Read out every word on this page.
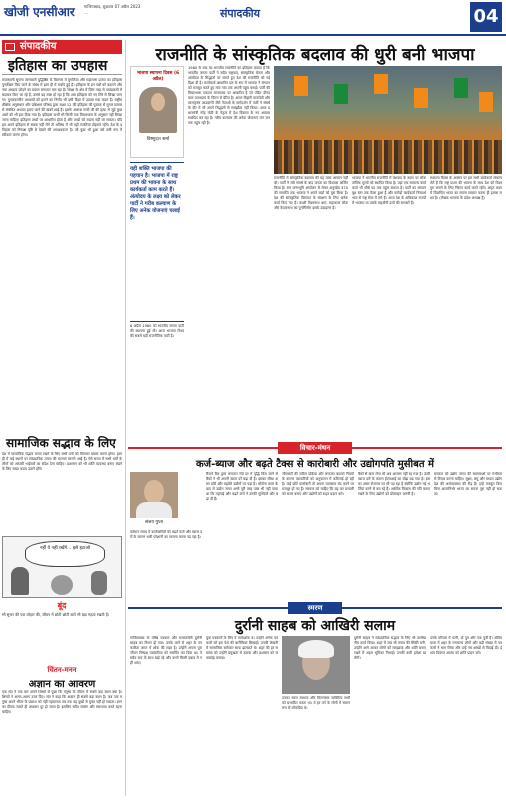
खोजी एनसीआर गाजियाबाद, शुक्रवार 07 अप्रैल 2023
...	संपादकीय	04
संपादकीय
इतिहास का उपहास
राजस्थानी सूचना जानकारी युद्धिष्ठिर के बिल्लार में मुगलिया और महाराणा प्रताप का इतिहास पुनर्लेखन किए जाने के संबंध में हाल ही में चर्चाएं हुई हैं। इतिहास के इन पन्नों को बदलने और नया अध्याय जोड़ने का प्रयास लगातार चल रहा है। शिक्षा के क्षेत्र में जिस तरह से पाठ्यक्रमों में बदलाव किए जा रहे हैं, उससे यह स्पष्ट हो रहा है कि अब इतिहास को नए सिरे से लिखा जाएगा। मुगलकालीन अध्यायों को हटाने का निर्णय भी इसी दिशा में उठाया गया कदम है। राष्ट्रीय शैक्षिक अनुसंधान और प्रशिक्षण परिषद द्वारा कक्षा 12 की इतिहास की पुस्तक से मुगल दरबार से संबंधित अध्याय हटाए जाने की खबरें आई हैं। इसके अलावा गांधी जी की हत्या से जुड़े कुछ अंशों को भी हटा दिया गया है। इतिहास कभी भी किसी एक विचारधारा के अनुसार नहीं लिखा जाना चाहिए। इतिहास तथ्यों पर आधारित होता है और तथ्यों को बदला नहीं जा सकता। यदि हम अपने इतिहास से सबक नहीं लेंगे तो भविष्य में भी वही गलतियां दोहराते रहेंगे। देश के इतिहास को निष्पक्ष दृष्टि से देखने की आवश्यकता है। जो कुछ भी हुआ उसे उसी रूप में स्वीकार करना होगा।
सामाजिक सद्भाव के लिए
देश में सामाजिक सद्भाव बनाए रखने के लिए सभी वर्गों को मिलकर प्रयास करना होगा। हाल ही में कई स्थानों पर सांप्रदायिक तनाव की घटनाएं सामने आई हैं। ऐसे समय में सभी धर्मों के लोगों को आपसी भाईचारे का संदेश देना चाहिए। प्रशासन को भी शांति व्यवस्था बनाए रखने के लिए सख्त कदम उठाने होंगे।
नहीं ये नहीं रखेंगे... इसे हटाओ
बूंद
सौ सुनार की एक लोहार की, जीवन में छोटी छोटी बातें भी बड़ा महत्व रखती हैं।
चिंतन-मनन
अज्ञान का आवरण
एक संत ने एक बार अपने शिष्यों से पूछा कि मनुष्य के जीवन में सबसे बड़ा बंधन क्या है। शिष्यों ने अलग-अलग उत्तर दिए। संत ने कहा कि अज्ञान ही सबसे बड़ा बंधन है। जब तक मनुष्य अपने भीतर के प्रकाश को नहीं पहचानता तब तक वह दुखों से मुक्त नहीं हो सकता। ज्ञान का दीपक जलते ही अंधकार दूर हो जाता है। इसलिए सदैव सत्संग और स्वाध्याय करते रहना चाहिए।
राजनीति के सांस्कृतिक बदलाव की धुरी बनी भाजपा
भाजपा स्थापना दिवस (6 अप्रैल)
विष्णुदत्त शर्मा
यही शक्ति भाजपा की पहचान है। भाजपा में राष्ट्र प्रथम की भावना के साथ कार्यकर्ता काम करते हैं। अंत्योदय के लक्ष्य को लेकर पार्टी ने गरीब कल्याण के लिए अनेक योजनाएं चलाई हैं।
6 अप्रैल 1980 को भारतीय जनता पार्टी की स्थापना हुई थी। आज भाजपा विश्व की सबसे बड़ी राजनीतिक पार्टी है।
1980 के बाद का भारतीय राजनीति का इतिहास बताता है कि भारतीय जनता पार्टी ने सदैव राष्ट्रवाद, सांस्कृतिक चेतना और अंत्योदय के सिद्धांतों पर चलते हुए देश की राजनीति को नई दिशा दी है। कार्यकर्ता आधारित दल के रूप में भाजपा ने संगठन को मजबूत करते हुए गांव गांव तक अपनी पहुंच बनाई। पार्टी की विचारधारा एकात्म मानववाद पर आधारित है जो पंडित दीनदयाल उपाध्याय के चिंतन से प्रेरित है। अटल बिहारी वाजपेयी और लालकृष्ण आडवाणी जैसे नेताओं के मार्गदर्शन में पार्टी ने संघर्ष के दौर में भी अपने सिद्धांतों से समझौता नहीं किया। आज प्रधानमंत्री नरेंद्र मोदी के नेतृत्व में देश विकास के नए आयाम स्थापित कर रहा है। गरीब कल्याण की अनेक योजनाएं जन जन तक पहुंच रही हैं।
राजनीति में सांस्कृतिक बदलाव की यह यात्रा आसान नहीं थी। पार्टी ने लंबे संघर्ष के बाद जनता का विश्वास अर्जित किया है। राम जन्मभूमि आंदोलन से लेकर अनुच्छेद 370 की समाप्ति तक भाजपा ने अपने वादों को पूरा किया है। देश की सांस्कृतिक विरासत के संरक्षण के लिए अनेक कार्य किए गए हैं। काशी विश्वनाथ धाम, महाकाल लोक और केदारनाथ का पुनर्निर्माण इसके उदाहरण हैं।
भाजपा ने भारतीय राजनीति में वंशवाद के स्थान पर लोकतांत्रिक मूल्यों को स्थापित किया है। यहां एक सामान्य कार्यकर्ता भी शीर्ष पद तक पहुंच सकता है। पार्टी का संगठन बूथ स्तर तक फैला हुआ है और करोड़ों कार्यकर्ता निस्वार्थ भाव से राष्ट्र सेवा में लगे हैं। आज देश के अधिकांश राज्यों में भाजपा या उसके सहयोगी दलों की सरकारें हैं।
स्थापना दिवस के अवसर पर हम सभी कार्यकर्ता संकल्प लेते हैं कि राष्ट्र प्रथम की भावना के साथ देश को विश्व गुरु बनाने के लिए निरंतर कार्य करते रहेंगे। अमृत काल में विकसित भारत का सपना साकार करना ही हमारा लक्ष्य है। (लेखक भाजपा के प्रदेश अध्यक्ष हैं)
विचार-मंथन
कर्ज-ब्याज और बढ़ते टैक्स से कारोबारी और उद्योगपति मुसीबत में
संजय गुप्ता
वर्तमान समय में कारोबारियों को बढ़ते कर्ज और ब्याज दरों के कारण भारी परेशानी का सामना करना पड़ रहा है।
रिजर्व बैंक द्वारा लगातार रेपो दर में वृद्धि किए जाने से बैंकों ने भी अपनी ब्याज दरें बढ़ा दी हैं। इसका सीधा असर छोटे और मझोले उद्योगों पर पड़ा है। कोरोना काल के बाद से उद्योग जगत अभी पूरी तरह उबर भी नहीं पाया था कि महंगाई और बढ़ते करों ने उनकी मुश्किलें और बढ़ा दी हैं।
जीएसटी की जटिल प्रक्रिया और लगातार बदलते नियमों के कारण व्यापारियों को अनुपालन में कठिनाई हो रही है। कई छोटे कारोबारी तो अपना व्यवसाय बंद करने पर मजबूर हो गए हैं। सरकार को चाहिए कि वह कर प्रणाली को सरल बनाए और उद्योगों को राहत प्रदान करे।
बैंकों से ऋण लेना भी अब आसान नहीं रह गया है। ऊंची ब्याज दरों के कारण ईएमआई का बोझ बढ़ गया है। इसका असर रोजगार पर भी पड़ रहा है क्योंकि उद्योग नई भर्तियां करने से बच रहे हैं। आर्थिक विकास की गति बनाए रखने के लिए उद्योगों को प्रोत्साहन जरूरी है।
सरकार को उद्योग जगत की समस्याओं पर गंभीरता से विचार करना चाहिए। सूक्ष्म, लघु और मध्यम उद्योग देश की अर्थव्यवस्था की रीढ़ हैं। इन्हें मजबूत किए बिना आत्मनिर्भर भारत का सपना पूरा नहीं हो सकता।
स्मरण
दुर्रानी साहब को आखिरी सलाम
गाजियाबाद के वरिष्ठ पत्रकार और समाजसेवी दुर्रानी साहब का निधन हो गया। उनके जाने से शहर के पत्रकारिता जगत में शोक की लहर है। उन्होंने अपना पूरा जीवन निष्पक्ष पत्रकारिता को समर्पित कर दिया था। वे सदैव सच के साथ खड़े रहे और कभी किसी दबाव में नहीं आए।
युवा पत्रकारों के लिए वे मार्गदर्शक थे। उन्होंने अनेक पत्रकारों को इस पेशे की बारीकियां सिखाईं। उनकी लेखनी में सामाजिक सरोकार साफ झलकते थे। शहर की हर समस्या को उन्होंने प्रमुखता से उठाया और प्रशासन को जवाबदेह बनाया।
उनका सरल स्वभाव और मिलनसार व्यक्तित्व सभी को प्रभावित करता था। वे हर वर्ग के लोगों में समान रूप से लोकप्रिय थे।
दुर्रानी साहब ने सांप्रदायिक सद्भाव के लिए भी उल्लेखनीय कार्य किया। शहर में जब भी तनाव की स्थिति बनी, उन्होंने आगे आकर लोगों को समझाया और शांति बनाए रखने में अहम भूमिका निभाई। उनकी कमी हमेशा खलेगी।
उनके परिवार में पत्नी, दो पुत्र और एक पुत्री हैं। अंतिम यात्रा में शहर के गणमान्य लोगों और बड़ी संख्या में पत्रकारों ने भाग लिया और उन्हें नम आंखों से विदाई दी। ईश्वर दिवंगत आत्मा को शांति प्रदान करे।
